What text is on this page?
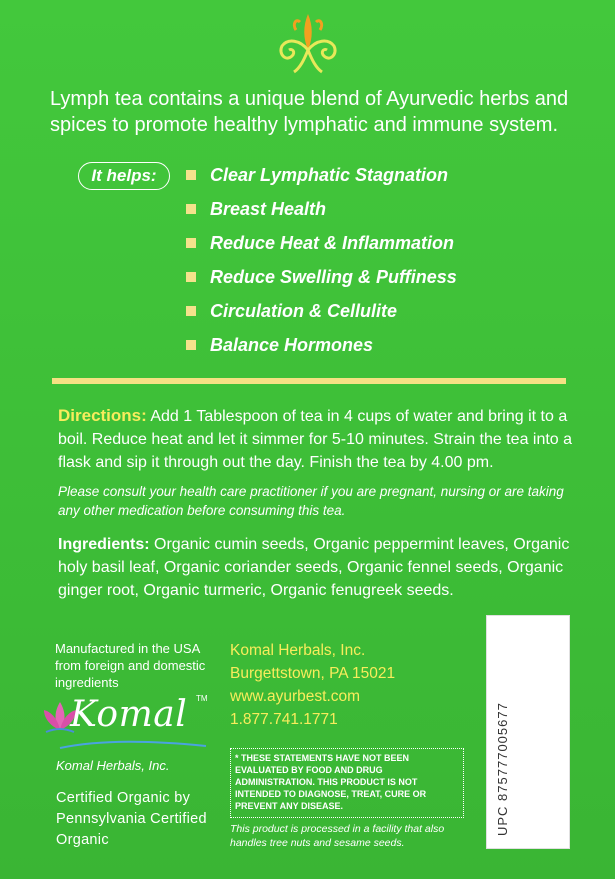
Lymph tea contains a unique blend of Ayurvedic herbs and spices to promote healthy lymphatic and immune system.
It helps:	Clear Lymphatic Stagnation
Breast Health
Reduce Heat & Inflammation
Reduce Swelling & Puffiness
Circulation & Cellulite
Balance Hormones
Directions: Add 1 Tablespoon of tea in 4 cups of water and bring it to a boil. Reduce heat and let it simmer for 5-10 minutes. Strain the tea into a flask and sip it through out the day. Finish the tea by 4.00 pm.
Please consult your health care practitioner if you are pregnant, nursing or are taking any other medication before consuming this tea.
Ingredients: Organic cumin seeds, Organic peppermint leaves, Organic holy basil leaf, Organic coriander seeds, Organic fennel seeds, Organic ginger root, Organic turmeric, Organic fenugreek seeds.
Manufactured in the USA from foreign and domestic ingredients
Komal TM
Komal Herbals, Inc.
Certified Organic by Pennsylvania Certified Organic
Komal Herbals, Inc.
Burgettstown, PA 15021
www.ayurbest.com
1.877.741.1771
* THESE STATEMENTS HAVE NOT BEEN EVALUATED BY FOOD AND DRUG ADMINISTRATION. THIS PRODUCT IS NOT INTENDED TO DIAGNOSE, TREAT, CURE OR PREVENT ANY DISEASE.
This product is processed in a facility that also handles tree nuts and sesame seeds.
UPC 875777005677
